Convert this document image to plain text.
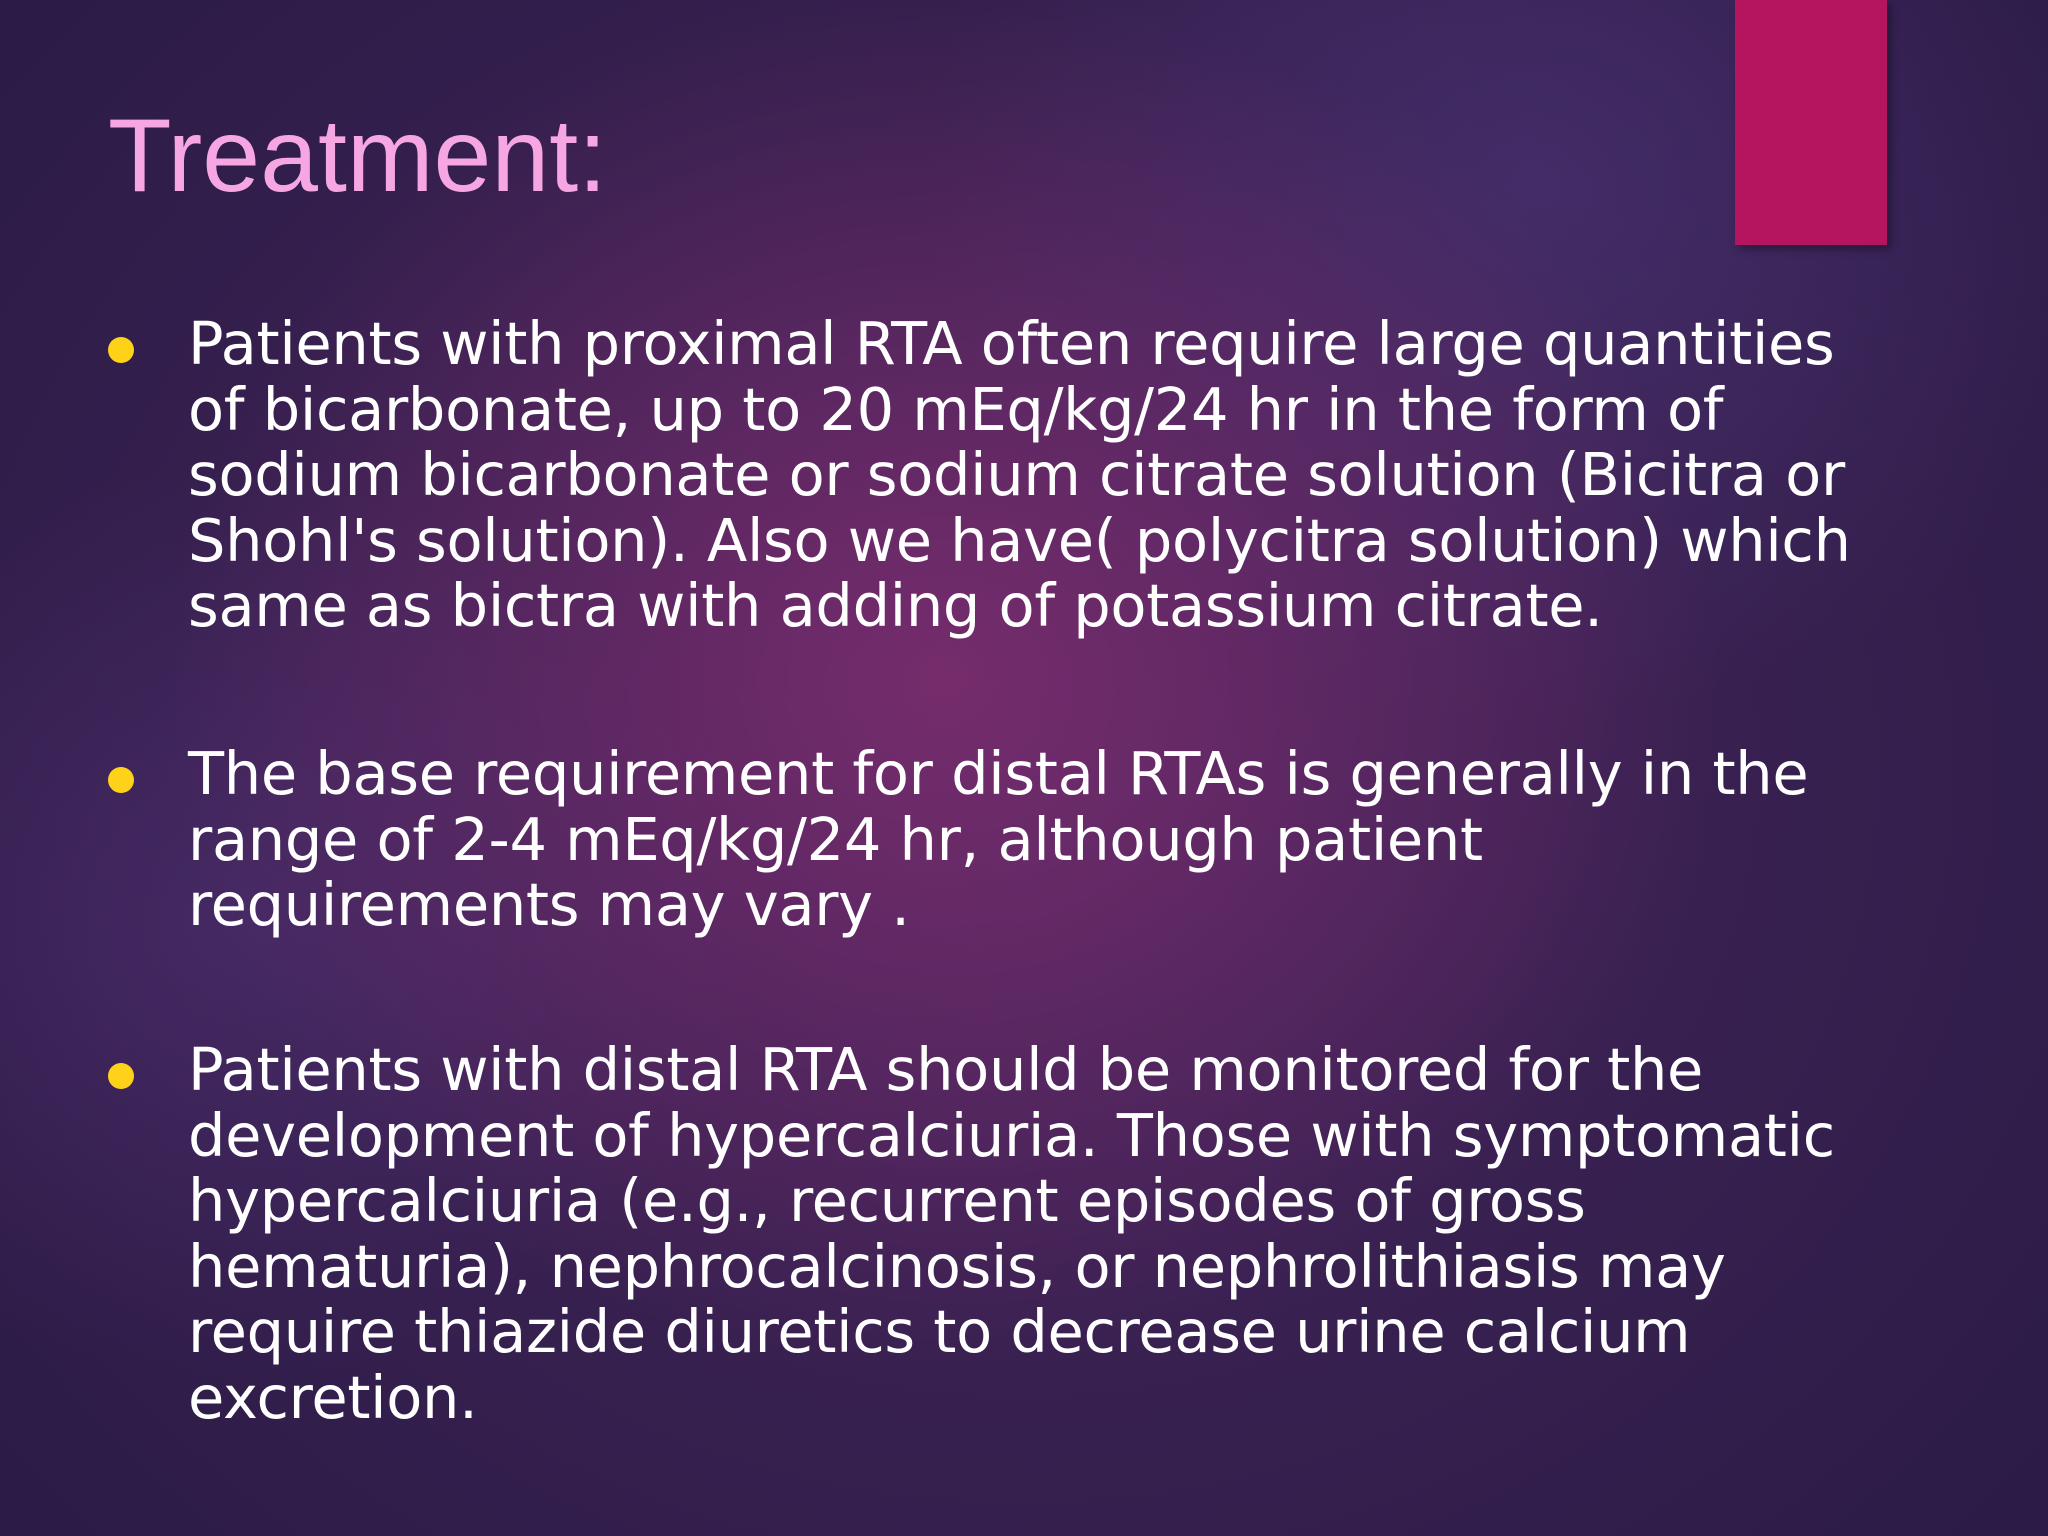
Treatment:
Patients with proximal RTA often require large quantities
of bicarbonate, up to 20 mEq/kg/24 hr in the form of
sodium bicarbonate or sodium citrate solution (Bicitra or
Shohl's solution). Also we have( polycitra solution) which
same as bictra with adding of potassium citrate.
The base requirement for distal RTAs is generally in the
range of 2-4 mEq/kg/24 hr, although patient
requirements may vary .
Patients with distal RTA should be monitored for the
development of hypercalciuria. Those with symptomatic
hypercalciuria (e.g., recurrent episodes of gross
hematuria), nephrocalcinosis, or nephrolithiasis may
require thiazide diuretics to decrease urine calcium
excretion.
